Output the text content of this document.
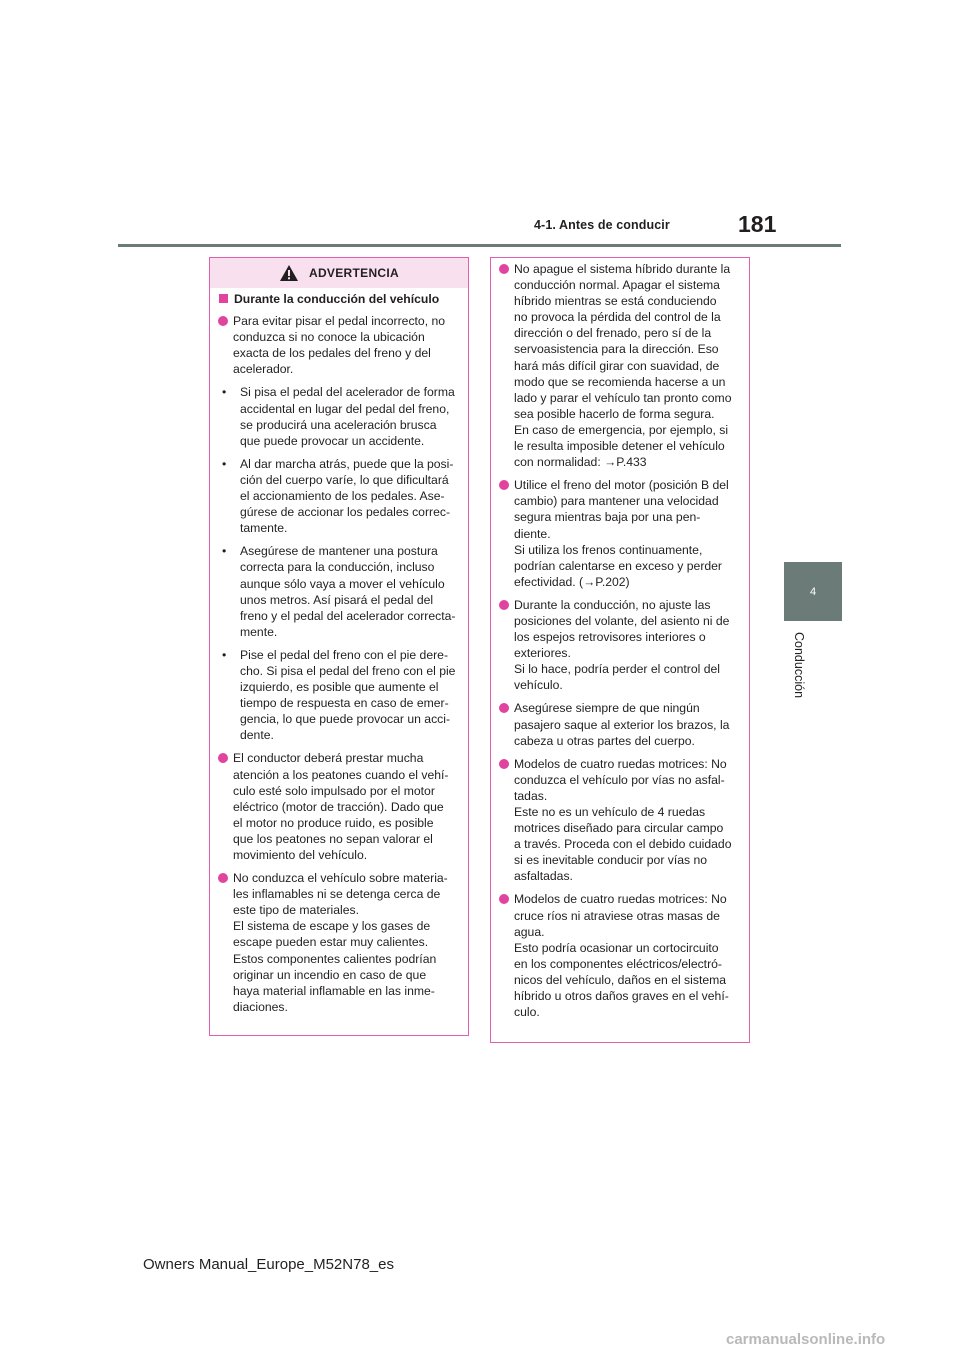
4-1. Antes de conducir	181
4
Conducción
ADVERTENCIA
Durante la conducción del vehículo
Para evitar pisar el pedal incorrecto, no
conduzca si no conoce la ubicación
exacta de los pedales del freno y del
acelerador.
•	Si pisa el pedal del acelerador de forma
accidental en lugar del pedal del freno,
se producirá una aceleración brusca
que puede provocar un accidente.
•	Al dar marcha atrás, puede que la posi-
ción del cuerpo varíe, lo que dificultará
el accionamiento de los pedales. Ase-
gúrese de accionar los pedales correc-
tamente.
•	Asegúrese de mantener una postura
correcta para la conducción, incluso
aunque sólo vaya a mover el vehículo
unos metros. Así pisará el pedal del
freno y el pedal del acelerador correcta-
mente.
•	Pise el pedal del freno con el pie dere-
cho. Si pisa el pedal del freno con el pie
izquierdo, es posible que aumente el
tiempo de respuesta en caso de emer-
gencia, lo que puede provocar un acci-
dente.
El conductor deberá prestar mucha
atención a los peatones cuando el vehí-
culo esté solo impulsado por el motor
eléctrico (motor de tracción). Dado que
el motor no produce ruido, es posible
que los peatones no sepan valorar el
movimiento del vehículo.
No conduzca el vehículo sobre materia-
les inflamables ni se detenga cerca de
este tipo de materiales.
El sistema de escape y los gases de
escape pueden estar muy calientes.
Estos componentes calientes podrían
originar un incendio en caso de que
haya material inflamable en las inme-
diaciones.
No apague el sistema híbrido durante la
conducción normal. Apagar el sistema
híbrido mientras se está conduciendo
no provoca la pérdida del control de la
dirección o del frenado, pero sí de la
servoasistencia para la dirección. Eso
hará más difícil girar con suavidad, de
modo que se recomienda hacerse a un
lado y parar el vehículo tan pronto como
sea posible hacerlo de forma segura.
En caso de emergencia, por ejemplo, si
le resulta imposible detener el vehículo
con normalidad: →P.433
Utilice el freno del motor (posición B del
cambio) para mantener una velocidad
segura mientras baja por una pen-
diente.
Si utiliza los frenos continuamente,
podrían calentarse en exceso y perder
efectividad. (→P.202)
Durante la conducción, no ajuste las
posiciones del volante, del asiento ni de
los espejos retrovisores interiores o
exteriores.
Si lo hace, podría perder el control del
vehículo.
Asegúrese siempre de que ningún
pasajero saque al exterior los brazos, la
cabeza u otras partes del cuerpo.
Modelos de cuatro ruedas motrices: No
conduzca el vehículo por vías no asfal-
tadas.
Este no es un vehículo de 4 ruedas
motrices diseñado para circular campo
a través. Proceda con el debido cuidado
si es inevitable conducir por vías no
asfaltadas.
Modelos de cuatro ruedas motrices: No
cruce ríos ni atraviese otras masas de
agua.
Esto podría ocasionar un cortocircuito
en los componentes eléctricos/electró-
nicos del vehículo, daños en el sistema
híbrido u otros daños graves en el vehí-
culo.
Owners Manual_Europe_M52N78_es
carmanualsonline.info
